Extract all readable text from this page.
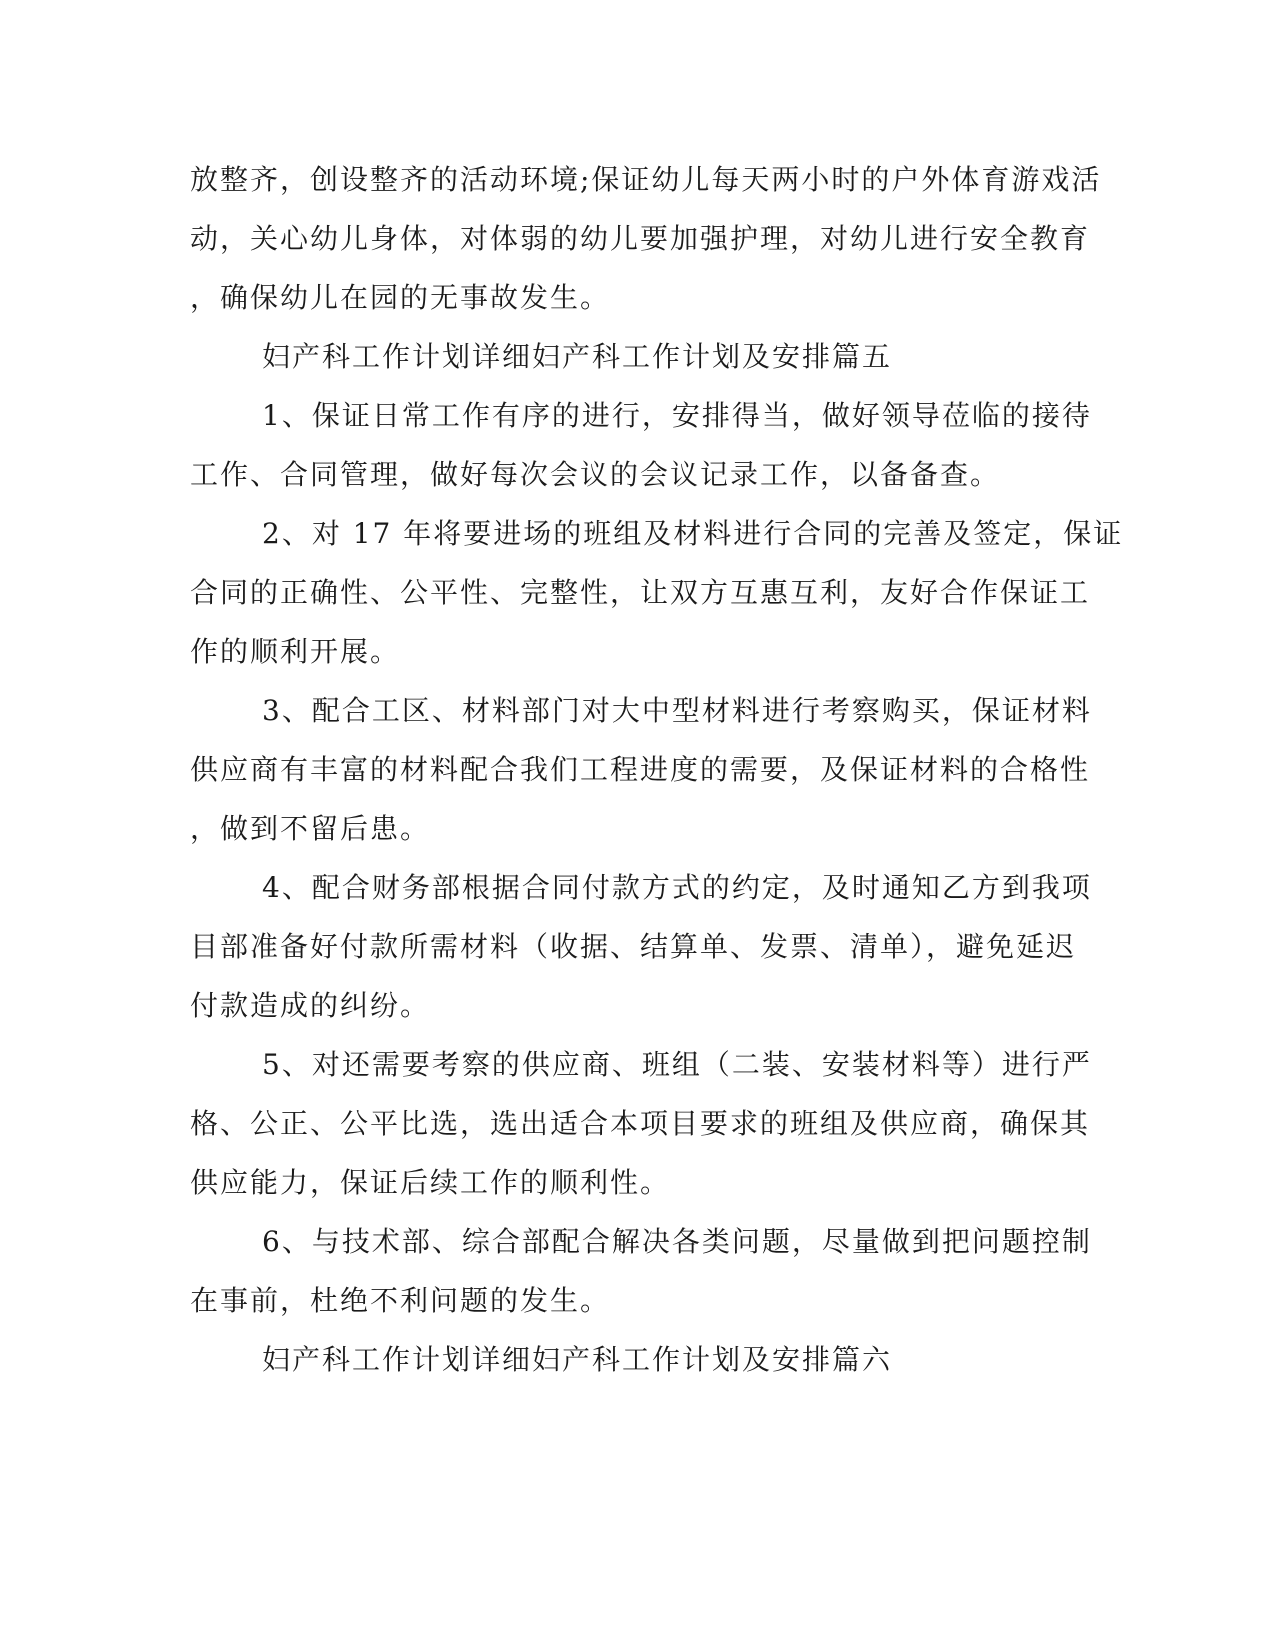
放整齐，创设整齐的活动环境;保证幼儿每天两小时的户外体育游戏活
动，关心幼儿身体，对体弱的幼儿要加强护理，对幼儿进行安全教育
，确保幼儿在园的无事故发生。
妇产科工作计划详细妇产科工作计划及安排篇五
1、保证日常工作有序的进行，安排得当，做好领导莅临的接待
工作、合同管理，做好每次会议的会议记录工作，以备备查。
2、对 17 年将要进场的班组及材料进行合同的完善及签定，保证
合同的正确性、公平性、完整性，让双方互惠互利，友好合作保证工
作的顺利开展。
3、配合工区、材料部门对大中型材料进行考察购买，保证材料
供应商有丰富的材料配合我们工程进度的需要，及保证材料的合格性
，做到不留后患。
4、配合财务部根据合同付款方式的约定，及时通知乙方到我项
目部准备好付款所需材料（收据、结算单、发票、清单），避免延迟
付款造成的纠纷。
5、对还需要考察的供应商、班组（二装、安装材料等）进行严
格、公正、公平比选，选出适合本项目要求的班组及供应商，确保其
供应能力，保证后续工作的顺利性。
6、与技术部、综合部配合解决各类问题，尽量做到把问题控制
在事前，杜绝不利问题的发生。
妇产科工作计划详细妇产科工作计划及安排篇六
